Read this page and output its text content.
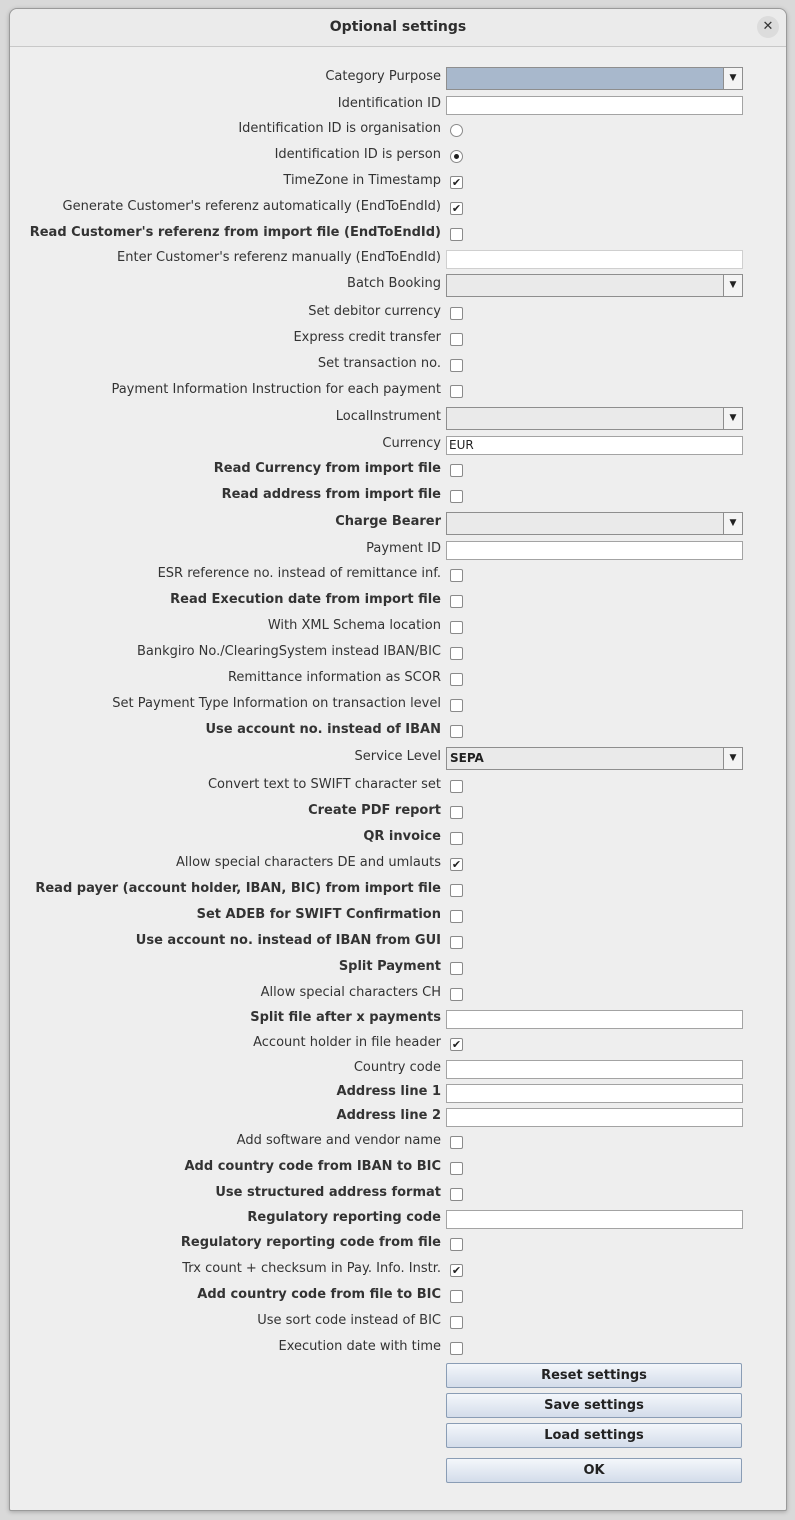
Optional settings	✕
Category Purpose	▼
Identification ID
Identification ID is organisation
Identification ID is person
TimeZone in Timestamp ✔
Generate Customer's referenz automatically (EndToEndId) ✔
Read Customer's referenz from import file (EndToEndId)
Enter Customer's referenz manually (EndToEndId)
Batch Booking	▼
Set debitor currency
Express credit transfer
Set transaction no.
Payment Information Instruction for each payment
LocalInstrument	▼
Currency EUR
Read Currency from import file
Read address from import file
Charge Bearer	▼
Payment ID
ESR reference no. instead of remittance inf.
Read Execution date from import file
With XML Schema location
Bankgiro No./ClearingSystem instead IBAN/BIC
Remittance information as SCOR
Set Payment Type Information on transaction level
Use account no. instead of IBAN
Service Level SEPA	▼
Convert text to SWIFT character set
Create PDF report
QR invoice
Allow special characters DE and umlauts ✔
Read payer (account holder, IBAN, BIC) from import file
Set ADEB for SWIFT Confirmation
Use account no. instead of IBAN from GUI
Split Payment
Allow special characters CH
Split file after x payments
Account holder in file header ✔
Country code
Address line 1
Address line 2
Add software and vendor name
Add country code from IBAN to BIC
Use structured address format
Regulatory reporting code
Regulatory reporting code from file
Trx count + checksum in Pay. Info. Instr. ✔
Add country code from file to BIC
Use sort code instead of BIC
Execution date with time
Reset settings
Save settings
Load settings
OK
